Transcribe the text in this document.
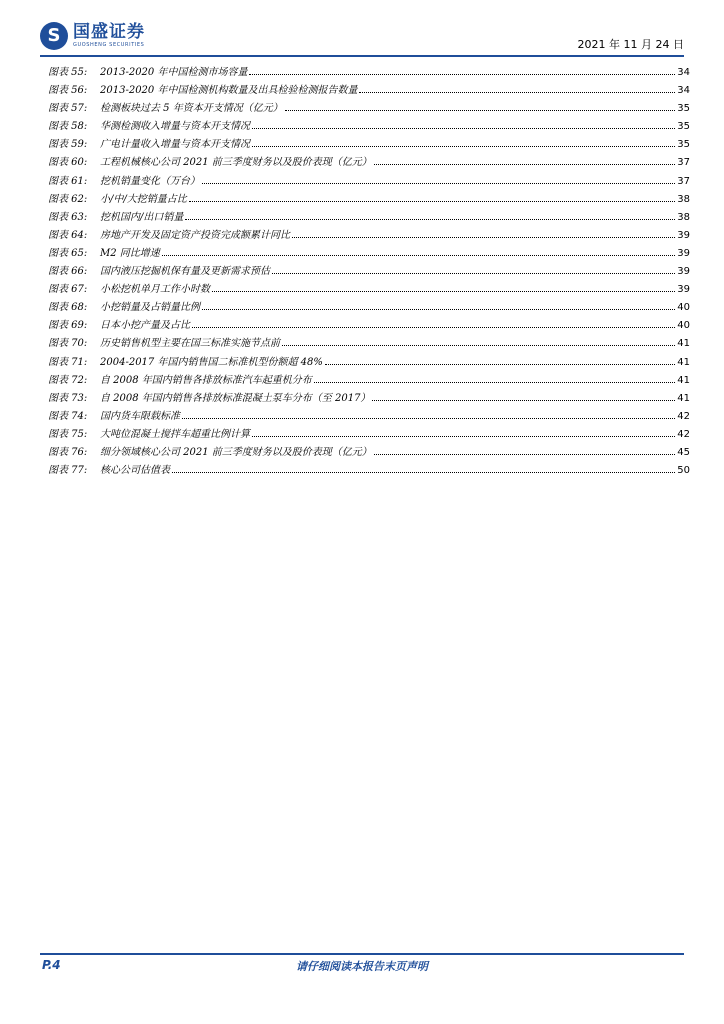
S 国盛证券
GUOSHENG SECURITIES	2021 年 11 月 24 日
图表 55:	2013-2020 年中国检测市场容量	34
图表 56:	2013-2020 年中国检测机构数量及出具检验检测报告数量	34
图表 57:	检测板块过去 5 年资本开支情况（亿元）	35
图表 58:	华测检测收入增量与资本开支情况	35
图表 59:	广电计量收入增量与资本开支情况	35
图表 60:	工程机械核心公司 2021 前三季度财务以及股价表现（亿元）	37
图表 61:	挖机销量变化（万台）	37
图表 62:	小/中/大挖销量占比	38
图表 63:	挖机国内/出口销量	38
图表 64:	房地产开发及固定资产投资完成额累计同比	39
图表 65:	M2 同比增速	39
图表 66:	国内液压挖掘机保有量及更新需求预估	39
图表 67:	小松挖机单月工作小时数	39
图表 68:	小挖销量及占销量比例	40
图表 69:	日本小挖产量及占比	40
图表 70:	历史销售机型主要在国三标准实施节点前	41
图表 71:	2004-2017 年国内销售国二标准机型份额超 48%	41
图表 72:	自 2008 年国内销售各排放标准汽车起重机分布	41
图表 73:	自 2008 年国内销售各排放标准混凝土泵车分布（至 2017）	41
图表 74:	国内货车限载标准	42
图表 75:	大吨位混凝土搅拌车超重比例计算	42
图表 76:	细分领域核心公司 2021 前三季度财务以及股价表现（亿元）	45
图表 77:	核心公司估值表	50
P.4	请仔细阅读本报告末页声明
